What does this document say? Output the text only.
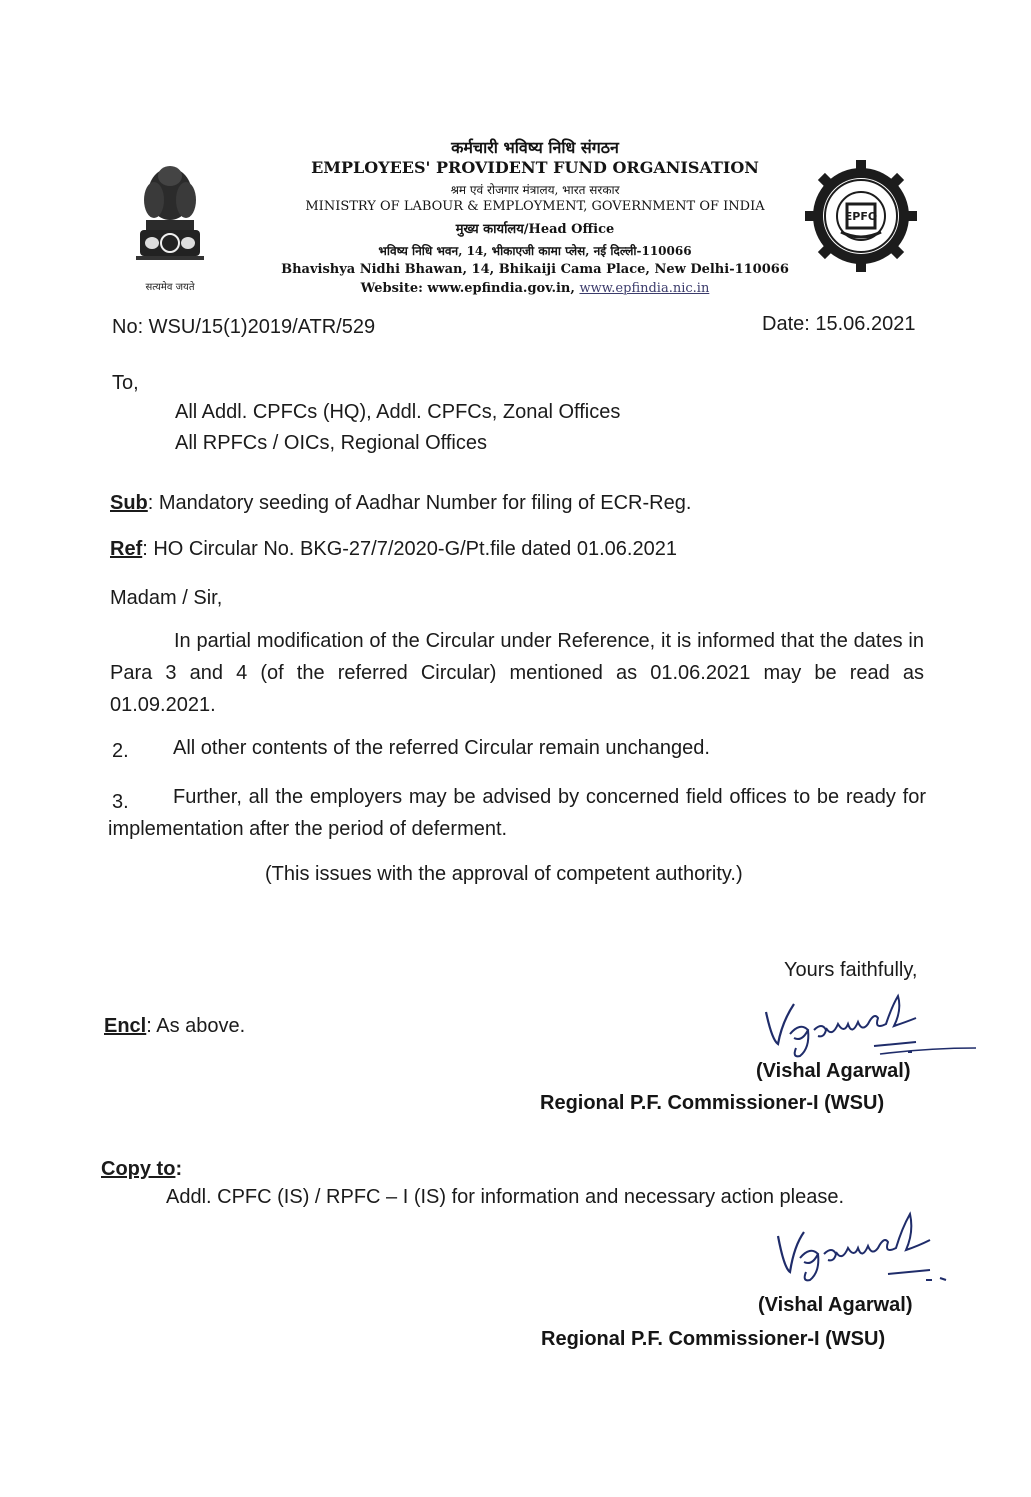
सत्यमेव जयते
EPFO
कर्मचारी भविष्य निधि संगठन
EMPLOYEES' PROVIDENT FUND ORGANISATION
श्रम एवं रोजगार मंत्रालय, भारत सरकार
MINISTRY OF LABOUR & EMPLOYMENT, GOVERNMENT OF INDIA
मुख्य कार्यालय/Head Office
भविष्य निधि भवन, 14, भीकाएजी कामा प्लेस, नई दिल्ली-110066
Bhavishya Nidhi Bhawan, 14, Bhikaiji Cama Place, New Delhi-110066
Website: www.epfindia.gov.in, www.epfindia.nic.in
No: WSU/15(1)2019/ATR/529	Date: 15.06.2021
To,
All Addl. CPFCs (HQ), Addl. CPFCs, Zonal Offices
All RPFCs / OICs, Regional Offices
Sub: Mandatory seeding of Aadhar Number for filing of ECR-Reg.
Ref: HO Circular No. BKG-27/7/2020-G/Pt.file dated 01.06.2021
Madam / Sir,
In partial modification of the Circular under Reference, it is informed that the dates in Para 3 and 4 (of the referred Circular) mentioned as 01.06.2021 may be read as 01.09.2021.
2. All other contents of the referred Circular remain unchanged.
3.	Further, all the employers may be advised by concerned field offices to be ready for implementation after the period of deferment.
(This issues with the approval of competent authority.)
Yours faithfully,
Encl: As above.
(Vishal Agarwal)
Regional P.F. Commissioner-I (WSU)
Copy to:
Addl. CPFC (IS) / RPFC – I (IS) for information and necessary action please.
(Vishal Agarwal)
Regional P.F. Commissioner-I (WSU)
